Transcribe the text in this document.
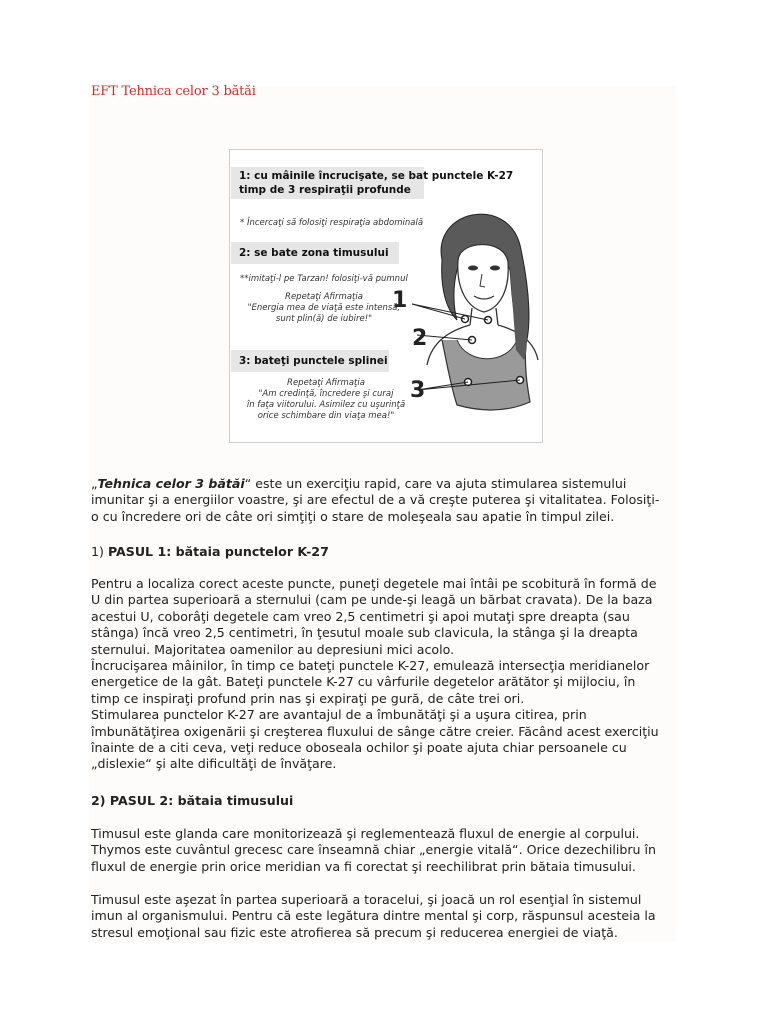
EFT Tehnica celor 3 bătăi
1: cu mâinile încrucişate, se bat punctele K-27
timp de 3 respiraţii profunde
* Încercaţi să folosiţi respiraţia abdominală
2: se bate zona timusului
**imitaţi-l pe Tarzan! folosiţi-vă pumnul
Repetaţi Afirmaţia
"Energia mea de viaţă este intensă;
sunt plin(ă) de iubire!"
3: bateţi punctele splinei
Repetaţi Afirmaţia
"Am credinţă, încredere şi curaj
în faţa viitorului. Asimilez cu uşurinţă
orice schimbare din viaţa mea!"
1
2
3

„Tehnica celor 3 bătăi“ este un exerciţiu rapid, care va ajuta stimularea sistemului

imunitar şi a energiilor voastre, şi are efectul de a vă creşte puterea şi vitalitatea. Folosiţi-

o cu încredere ori de câte ori simţiţi o stare de moleşeala sau apatie în timpul zilei.

1) PASUL 1: bătaia punctelor K-27

Pentru a localiza corect aceste puncte, puneţi degetele mai întâi pe scobitură în formă de

U din partea superioară a sternului (cam pe unde-şi leagă un bărbat cravata). De la baza

acestui U, coborâţi degetele cam vreo 2,5 centimetri şi apoi mutaţi spre dreapta (sau

stânga) încă vreo 2,5 centimetri, în ţesutul moale sub clavicula, la stânga şi la dreapta

sternului. Majoritatea oamenilor au depresiuni mici acolo.

Încrucişarea mâinilor, în timp ce bateţi punctele K-27, emulează intersecţia meridianelor

energetice de la gât. Bateţi punctele K-27 cu vârfurile degetelor arătător şi mijlociu, în

timp ce inspiraţi profund prin nas şi expiraţi pe gură, de câte trei ori.

Stimularea punctelor K-27 are avantajul de a îmbunătăţi şi a uşura citirea, prin

îmbunătăţirea oxigenării şi creşterea fluxului de sânge către creier. Făcând acest exerciţiu

înainte de a citi ceva, veţi reduce oboseala ochilor şi poate ajuta chiar persoanele cu

„dislexie“ şi alte dificultăţi de învăţare.

2) PASUL 2: bătaia timusului

Timusul este glanda care monitorizează şi reglementează fluxul de energie al corpului.

Thymos este cuvântul grecesc care înseamnă chiar „energie vitală“. Orice dezechilibru în

fluxul de energie prin orice meridian va fi corectat şi reechilibrat prin bătaia timusului.

Timusul este aşezat în partea superioară a toracelui, şi joacă un rol esenţial în sistemul

imun al organismului. Pentru că este legătura dintre mental şi corp, răspunsul acesteia la

stresul emoţional sau fizic este atrofierea să precum şi reducerea energiei de viaţă.
